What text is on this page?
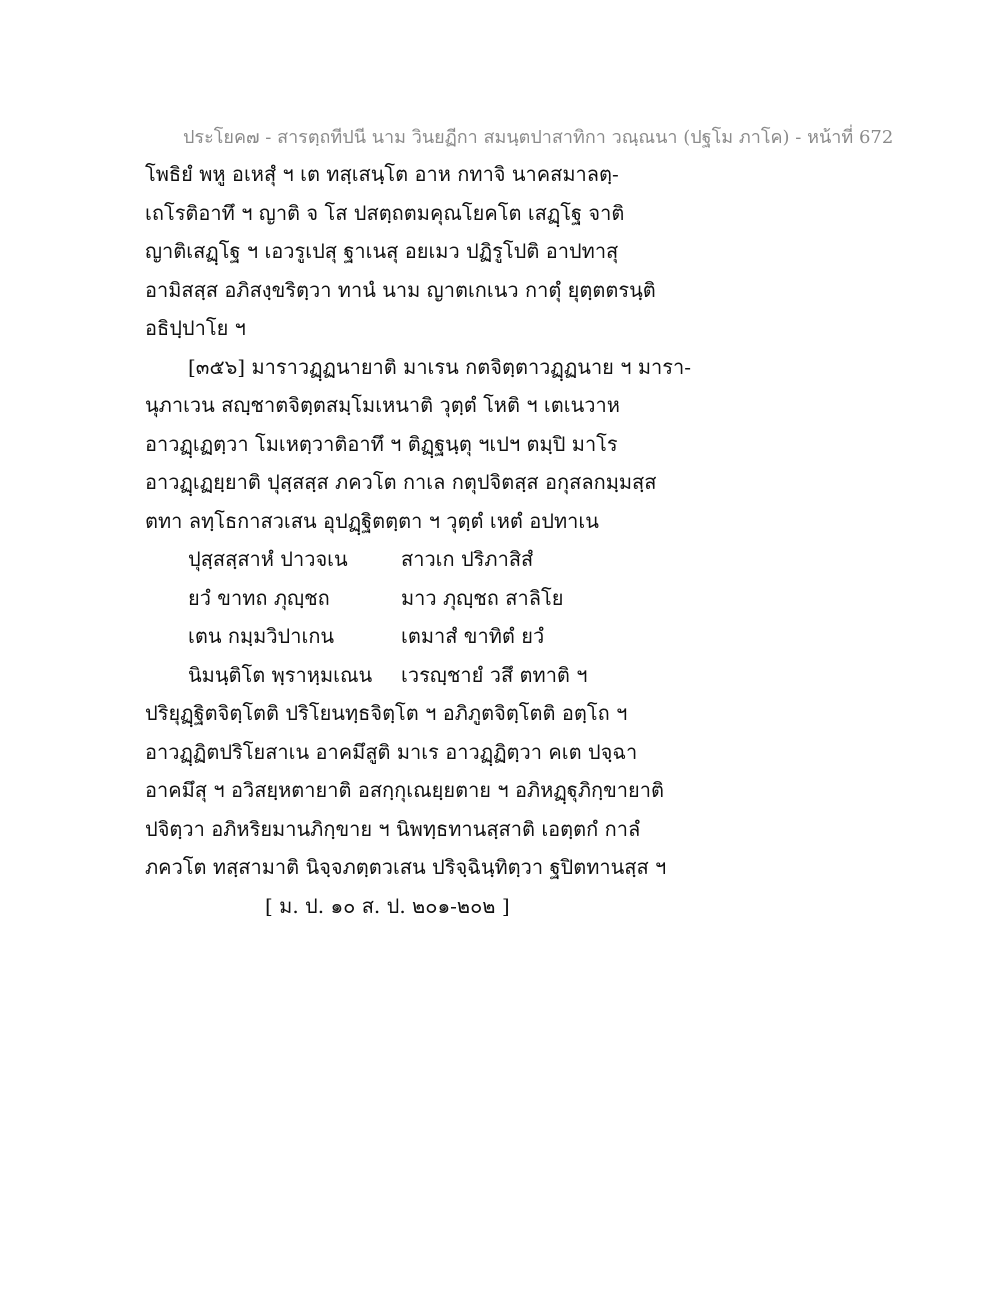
ประโยค๗ - สารตฺถทีปนี นาม วินยฏีกา สมนฺตปาสาทิกา วณฺณนา (ปฐโม ภาโค) - หน้าที่ 672
โพธิยํ พหู อเหสุํ ฯ เต ทสฺเสนฺโต อาห กทาจิ นาคสมาลตฺ-
เถโรติอาทึ ฯ ญาติ จ โส ปสตฺถตมคุณโยคโต เสฏฺโฐ จาติ
ญาติเสฏฺโฐ ฯ เอวรูเปสุ ฐาเนสุ อยเมว ปฏิรูโปติ อาปทาสุ
อามิสสฺส อภิสงฺขริตฺวา ทานํ นาม ญาตเกเนว กาตุํ ยุตฺตตรนฺติ
อธิปฺปาโย ฯ
[๓๕๖] มาราวฏฺฏนายาติ มาเรน กตจิตฺตาวฏฺฏนาย ฯ มารา-
นุภาเวน สญฺชาตจิตฺตสมฺโมเหนาติ วุตฺตํ โหติ ฯ เตเนวาห
อาวฏฺเฏตฺวา โมเหตฺวาติอาทึ ฯ ติฏฺฐนฺตุ ฯเปฯ ตมฺปิ มาโร
อาวฏฺเฏยฺยาติ ปุสฺสสฺส ภควโต กาเล กตุปจิตสฺส อกุสลกมฺมสฺส
ตทา ลทฺโธกาสวเสน อุปฏฺฐิตตฺตา ฯ วุตฺตํ เหตํ อปทาเน
ปุสฺสสฺสาหํ ปาวจเน	สาวเก ปริภาสิสํ
ยวํ ขาทถ ภุญฺชถ	มาว ภุญฺชถ สาลิโย
เตน กมฺมวิปาเกน	เตมาสํ ขาทิตํ ยวํ
นิมนฺติโต พฺราหฺมเณน	เวรญฺชายํ วสึ ตทาติ ฯ
ปริยุฏฺฐิตจิตฺโตติ ปริโยนทฺธจิตฺโต ฯ อภิภูตจิตฺโตติ อตฺโถ ฯ
อาวฏฺฏิตปริโยสาเน อาคมึสูติ มาเร อาวฏฺฏิตฺวา คเต ปจฺฉา
อาคมึสุ ฯ อวิสยฺหตายาติ อสกฺกุเณยฺยตาย ฯ อภิหฏฺฐุภิกฺขายาติ
ปจิตฺวา อภิหริยมานภิกฺขาย ฯ นิพทฺธทานสฺสาติ เอตฺตกํ กาลํ
ภควโต ทสฺสามาติ นิจฺจภตฺตวเสน ปริจฺฉินฺทิตฺวา ฐปิตทานสฺส ฯ
[ ม. ป. ๑๐ ส. ป. ๒๐๑-๒๐๒ ]
